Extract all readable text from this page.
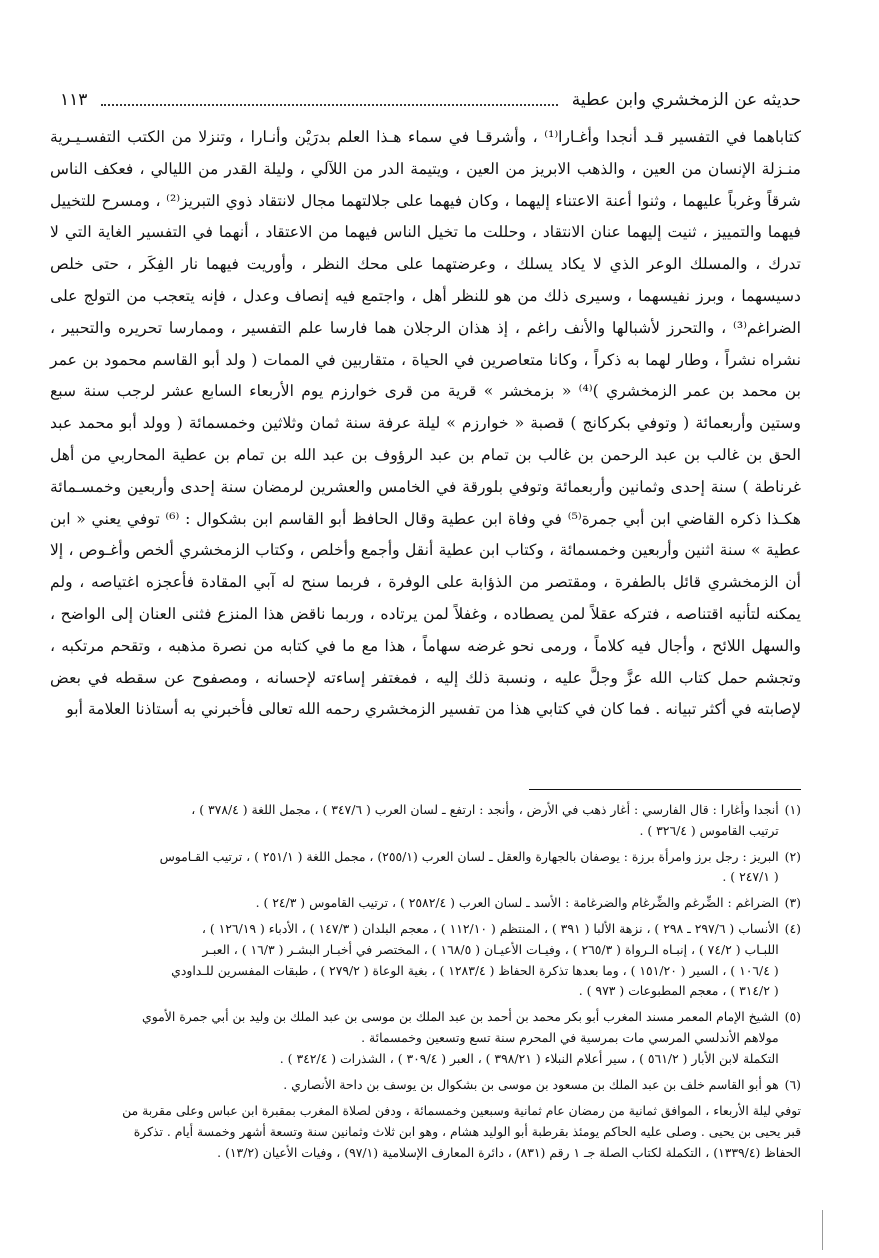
حديثه عن الزمخشري وابن عطية
١١٣

كتاباهما في التفسير قـد أنجدا وأغـارا⁽¹⁾ ، وأشرقـا في سماء هـذا العلم بدرَيْن وأنـارا ، وتنزلا من الكتب التفسـيـرية منـزلة الإنسان من العين ، والذهب الابريز من العين ، ويتيمة الدر من اللآلي ، وليلة القدر من الليالي ، فعكف الناس شرقاً وغرباً عليهما ، وثنوا أعنة الاعتناء إليهما ، وكان فيهما على جلالتهما مجال لانتقاد ذوي التبريز⁽²⁾ ، ومسرح للتخييل فيهما والتمييز ، ثنيت إليهما عنان الانتقاد ، وحللت ما تخيل الناس فيهما من الاعتقاد ، أنهما في التفسير الغاية التي لا تدرك ، والمسلك الوعر الذي لا يكاد يسلك ، وعرضتهما على محك النظر ، وأوريت فيهما نار الفِكَر ، حتى خلص دسيسهما ، وبرز نفيسهما ، وسيرى ذلك من هو للنظر أهل ، واجتمع فيه إنصاف وعدل ، فإنه يتعجب من التولج على الضراغم⁽³⁾ ، والتحرز لأشبالها والأنف راغم ، إذ هذان الرجلان هما فارسا علم التفسير ، وممارسا تحريره والتحبير ، نشراه نشراً ، وطار لهما به ذكراً ، وكانا متعاصرين في الحياة ، متقاربين في الممات ( ولد أبو القاسم محمود بن عمر بن محمد بن عمر الزمخشري )⁽⁴⁾ « بزمخشر » قرية من قرى خوارزم يوم الأربعاء السابع عشر لرجب سنة سبع وستين وأربعمائة ( وتوفي بكركانج ) قصبة « خوارزم » ليلة عرفة سنة ثمان وثلاثين وخمسمائة ( وولد أبو محمد عبد الحق بن غالب بن عبد الرحمن بن غالب بن تمام بن عبد الرؤوف بن عبد الله بن تمام بن عطية المحاربي من أهل غرناطة ) سنة إحدى وثمانين وأربعمائة وتوفي بلورقة في الخامس والعشرين لرمضان سنة إحدى وأربعين وخمسـمائة هكـذا ذكره القاضي ابن أبي جمرة⁽⁵⁾ في وفاة ابن عطية وقال الحافظ أبو القاسم ابن بشكوال : ⁽⁶⁾ توفي يعني « ابن عطية » سنة اثنين وأربعين وخمسمائة ، وكتاب ابن عطية أنقل وأجمع وأخلص ، وكتاب الزمخشري ألخص وأغـوص ، إلا أن الزمخشري قائل بالطفرة ، ومقتصر من الذؤابة على الوفرة ، فربما سنح له آبي المقادة فأعجزه اغتياصه ، ولم يمكنه لتأنيه اقتناصه ، فتركه عقلاً لمن يصطاده ، وغفلاً لمن يرتاده ، وربما ناقض هذا المنزع فثنى العنان إلى الواضح ، والسهل اللائح ، وأجال فيه كلاماً ، ورمى نحو غرضه سهاماً ، هذا مع ما في كتابه من نصرة مذهبه ، وتقحم مرتكبه ، وتجشم حمل كتاب الله عزَّ وجلَّ عليه ، ونسبة ذلك إليه ، فمغتفر إساءته لإحسانه ، ومصفوح عن سقطه في بعض لإصابته في أكثر تبيانه . فما كان في كتابي هذا من تفسير الزمخشري رحمه الله تعالى فأخبرني به أستاذنا العلامة أبو

(١)
أنجدا وأغارا : قال الفارسي : أغار ذهب في الأرض ، وأنجد : ارتفع ـ لسان العرب ( ٣٤٧/٦ ) ، مجمل اللغة ( ٣٧٨/٤ ) ،
ترتيب القاموس ( ٣٢٦/٤ ) .
(٢)
البريز : رجل برز وامرأة برزة : يوصفان بالجهارة والعقل ـ لسان العرب (٢٥٥/١) ، مجمل اللغة ( ٢٥١/١ ) ، ترتيب القـاموس
( ٢٤٧/١ ) .
(٣)
الضراغم : الضِّرغم والضِّرغام والضرغامة : الأسد ـ لسان العرب ( ٢٥٨٢/٤ ) ، ترتيب القاموس ( ٢٤/٣ ) .
(٤)
الأنساب ( ٢٩٧/٦ ـ ٢٩٨ ) ، نزهة الألبا ( ٣٩١ ) ، المنتظم ( ١١٢/١٠ ) ، معجم البلدان ( ١٤٧/٣ ) ، الأدباء ( ١٢٦/١٩ ) ،
اللبـاب ( ٧٤/٢ ) ، إنبـاه الـرواة ( ٢٦٥/٣ ) ، وفيـات الأعيـان ( ١٦٨/٥ ) ، المختصر في أخبـار البشـر ( ١٦/٣ ) ، العبـر
( ١٠٦/٤ ) ، السير ( ١٥١/٢٠ ) ، وما بعدها تذكرة الحفاظ ( ١٢٨٣/٤ ) ، بغية الوعاة ( ٢٧٩/٢ ) ، طبقات المفسرين للـداودي
( ٣١٤/٢ ) ، معجم المطبوعات ( ٩٧٣ ) .
(٥)
الشيخ الإمام المعمر مسند المغرب أبو بكر محمد بن أحمد بن عبد الملك بن موسى بن عبد الملك بن وليد بن أبي جمرة الأموي
مولاهم الأندلسي المرسي مات بمرسية في المحرم سنة تسع وتسعين وخمسمائة .
التكملة لابن الأبار ( ٥٦١/٢ ) ، سير أعلام النبلاء ( ٣٩٨/٢١ ) ، العبر ( ٣٠٩/٤ ) ، الشذرات ( ٣٤٢/٤ ) .
(٦)
هو أبو القاسم خلف بن عبد الملك بن مسعود بن موسى بن بشكوال بن يوسف بن داحة الأنصاري .
توفي ليلة الأربعاء ، الموافق ثمانية من رمضان عام ثمانية وسبعين وخمسمائة ، ودفن لصلاة المغرب بمقبرة ابن عباس وعلى مقربة من
قبر يحيى بن يحيى . وصلى عليه الحاكم يومئذ بقرطبة أبو الوليد هشام ، وهو ابن ثلاث وثمانين سنة وتسعة أشهر وخمسة أيام . تذكرة
الحفاظ (١٣٣٩/٤) ، التكملة لكتاب الصلة جـ ١ رقم (٨٣١) ، دائرة المعارف الإسلامية (٩٧/١) ، وفيات الأعيان (١٣/٢) .
